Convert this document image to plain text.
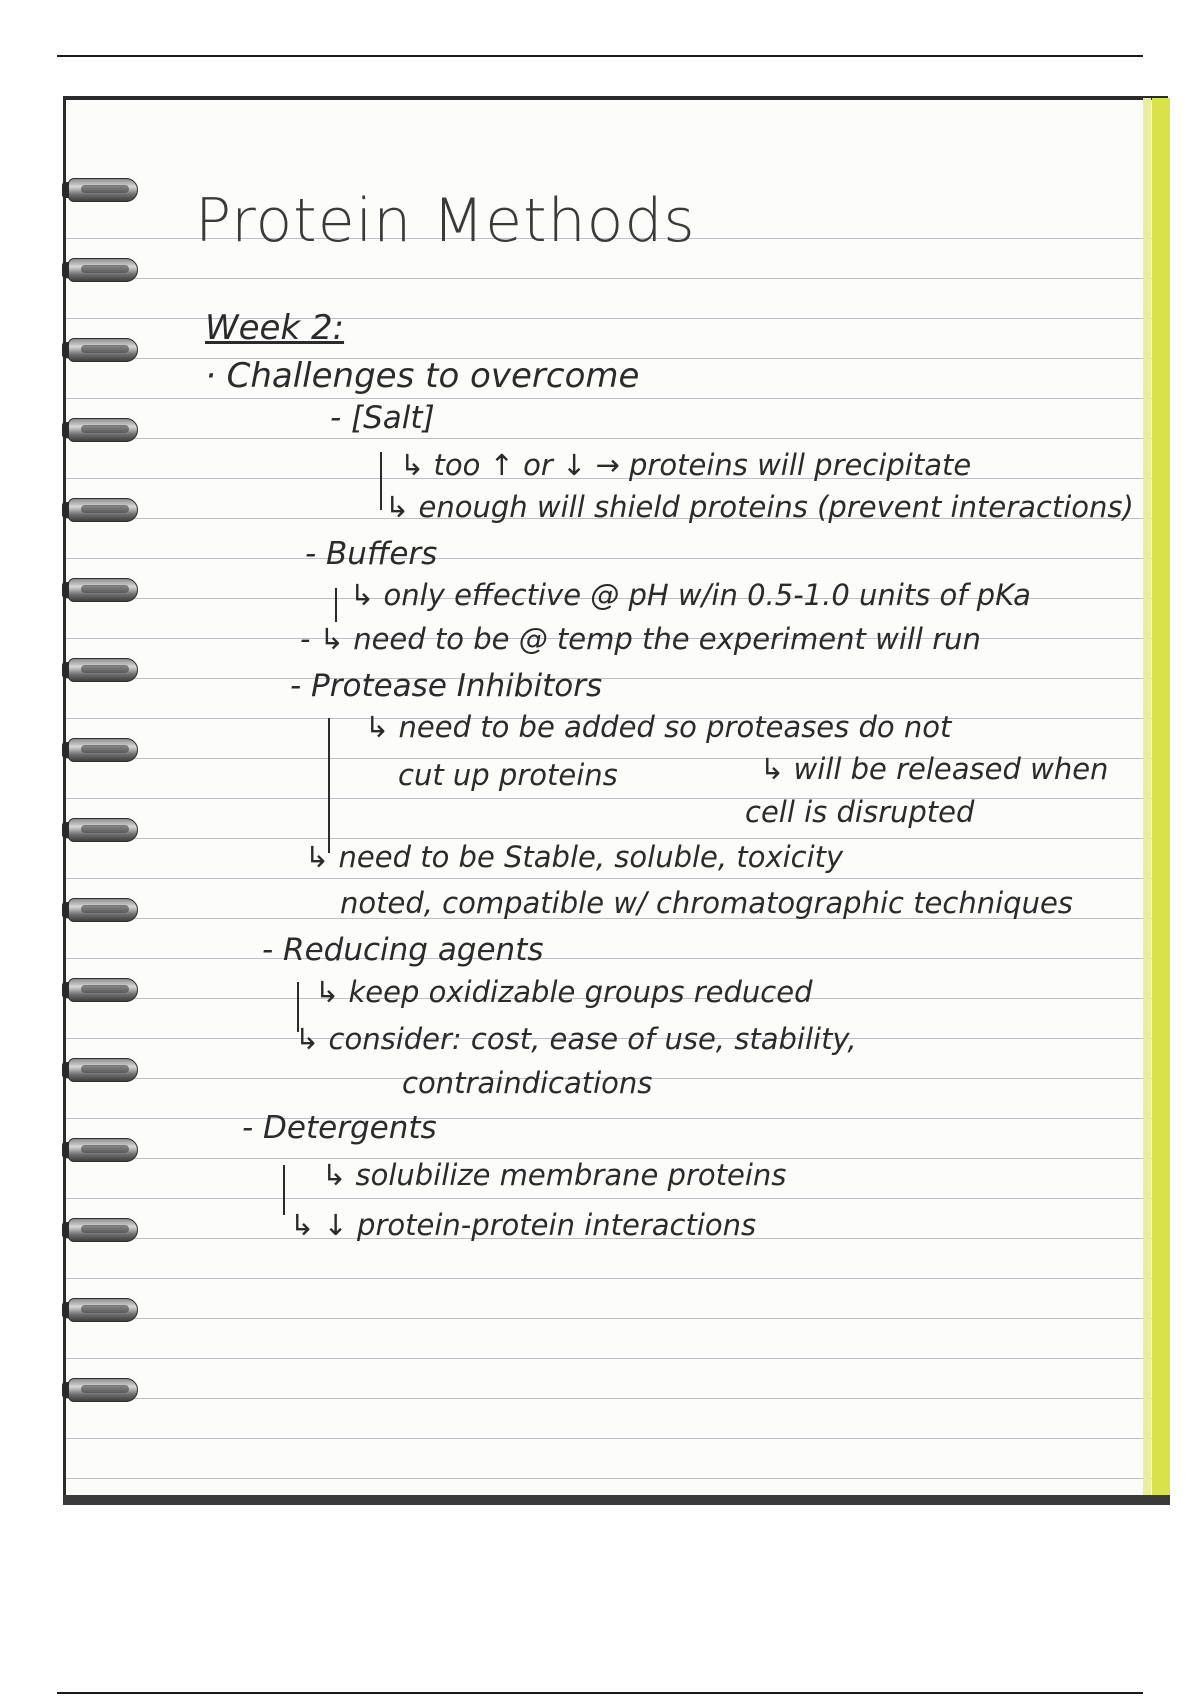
Protein Methods
Week 2:
· Challenges to overcome
- [Salt]
↳ too ↑ or ↓ → proteins will precipitate
↳ enough will shield proteins (prevent interactions)
- Buffers
↳ only effective @ pH w/in 0.5-1.0 units of pKa
- ↳ need to be @ temp the experiment will run
- Protease Inhibitors
↳ need to be added so proteases do not
cut up proteins	↳ will be released when
cell is disrupted
↳ need to be Stable, soluble, toxicity
noted, compatible w/ chromatographic techniques
- Reducing agents
↳ keep oxidizable groups reduced
↳ consider: cost, ease of use, stability,
contraindications
- Detergents
↳ solubilize membrane proteins
↳ ↓ protein-protein interactions
